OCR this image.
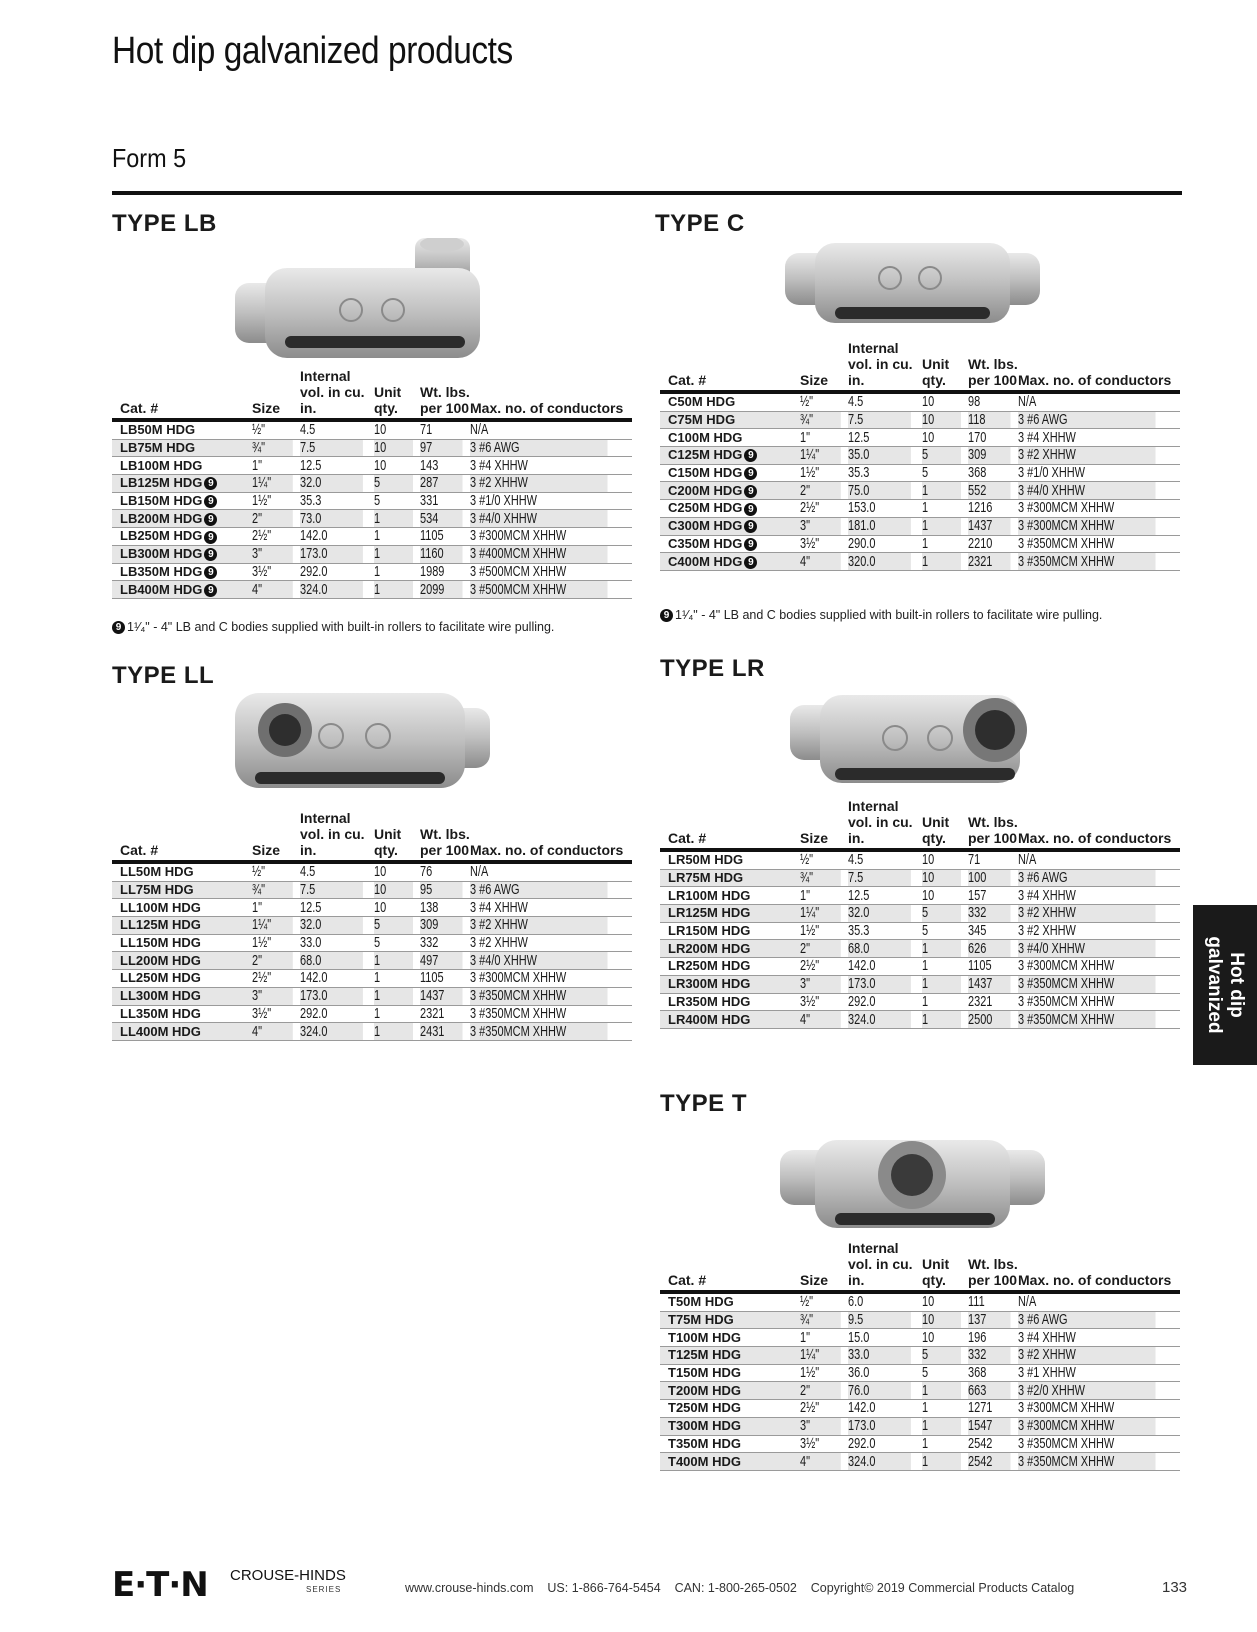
Hot dip galvanized products
Form 5
TYPE LB
Cat. #	Size	Internal vol. in cu. in.	Unit qty.	Wt. lbs. per 100	Max. no. of conductors
LB50M HDG	½"	4.5	10	71	N/A
LB75M HDG	¾"	7.5	10	97	3 #6 AWG
LB100M HDG	1"	12.5	10	143	3 #4 XHHW
LB125M HDG 9	1¼"	32.0	5	287	3 #2 XHHW
LB150M HDG 9	1½"	35.3	5	331	3 #1/0 XHHW
LB200M HDG 9	2"	73.0	1	534	3 #4/0 XHHW
LB250M HDG 9	2½"	142.0	1	1105	3 #300MCM XHHW
LB300M HDG 9	3"	173.0	1	1160	3 #400MCM XHHW
LB350M HDG 9	3½"	292.0	1	1989	3 #500MCM XHHW
LB400M HDG 9	4"	324.0	1	2099	3 #500MCM XHHW
9 1¹⁄₄" - 4" LB and C bodies supplied with built-in rollers to facilitate wire pulling.
TYPE LL
Cat. #	Size	Internal vol. in cu. in.	Unit qty.	Wt. lbs. per 100	Max. no. of conductors
LL50M HDG	½"	4.5	10	76	N/A
LL75M HDG	¾"	7.5	10	95	3 #6 AWG
LL100M HDG	1"	12.5	10	138	3 #4 XHHW
LL125M HDG	1¼"	32.0	5	309	3 #2 XHHW
LL150M HDG	1½"	33.0	5	332	3 #2 XHHW
LL200M HDG	2"	68.0	1	497	3 #4/0 XHHW
LL250M HDG	2½"	142.0	1	1105	3 #300MCM XHHW
LL300M HDG	3"	173.0	1	1437	3 #350MCM XHHW
LL350M HDG	3½"	292.0	1	2321	3 #350MCM XHHW
LL400M HDG	4"	324.0	1	2431	3 #350MCM XHHW
TYPE C
Cat. #	Size	Internal vol. in cu. in.	Unit qty.	Wt. lbs. per 100	Max. no. of conductors
C50M HDG	½"	4.5	10	98	N/A
C75M HDG	¾"	7.5	10	118	3 #6 AWG
C100M HDG	1"	12.5	10	170	3 #4 XHHW
C125M HDG 9	1¼"	35.0	5	309	3 #2 XHHW
C150M HDG 9	1½"	35.3	5	368	3 #1/0 XHHW
C200M HDG 9	2"	75.0	1	552	3 #4/0 XHHW
C250M HDG 9	2½"	153.0	1	1216	3 #300MCM XHHW
C300M HDG 9	3"	181.0	1	1437	3 #300MCM XHHW
C350M HDG 9	3½"	290.0	1	2210	3 #350MCM XHHW
C400M HDG 9	4"	320.0	1	2321	3 #350MCM XHHW
9 1¹⁄₄" - 4" LB and C bodies supplied with built-in rollers to facilitate wire pulling.
TYPE LR
Cat. #	Size	Internal vol. in cu. in.	Unit qty.	Wt. lbs. per 100	Max. no. of conductors
LR50M HDG	½"	4.5	10	71	N/A
LR75M HDG	¾"	7.5	10	100	3 #6 AWG
LR100M HDG	1"	12.5	10	157	3 #4 XHHW
LR125M HDG	1¼"	32.0	5	332	3 #2 XHHW
LR150M HDG	1½"	35.3	5	345	3 #2 XHHW
LR200M HDG	2"	68.0	1	626	3 #4/0 XHHW
LR250M HDG	2½"	142.0	1	1105	3 #300MCM XHHW
LR300M HDG	3"	173.0	1	1437	3 #350MCM XHHW
LR350M HDG	3½"	292.0	1	2321	3 #350MCM XHHW
LR400M HDG	4"	324.0	1	2500	3 #350MCM XHHW
TYPE T
Cat. #	Size	Internal vol. in cu. in.	Unit qty.	Wt. lbs. per 100	Max. no. of conductors
T50M HDG	½"	6.0	10	111	N/A
T75M HDG	¾"	9.5	10	137	3 #6 AWG
T100M HDG	1"	15.0	10	196	3 #4 XHHW
T125M HDG	1¼"	33.0	5	332	3 #2 XHHW
T150M HDG	1½"	36.0	5	368	3 #1 XHHW
T200M HDG	2"	76.0	1	663	3 #2/0 XHHW
T250M HDG	2½"	142.0	1	1271	3 #300MCM XHHW
T300M HDG	3"	173.0	1	1547	3 #300MCM XHHW
T350M HDG	3½"	292.0	1	2542	3 #350MCM XHHW
T400M HDG	4"	324.0	1	2542	3 #350MCM XHHW
Hot dip galvanized
E·T·N CROUSE-HINDS
SERIES	www.crouse-hinds.com    US: 1-866-764-5454    CAN: 1-800-265-0502    Copyright© 2019 Commercial Products Catalog	133
